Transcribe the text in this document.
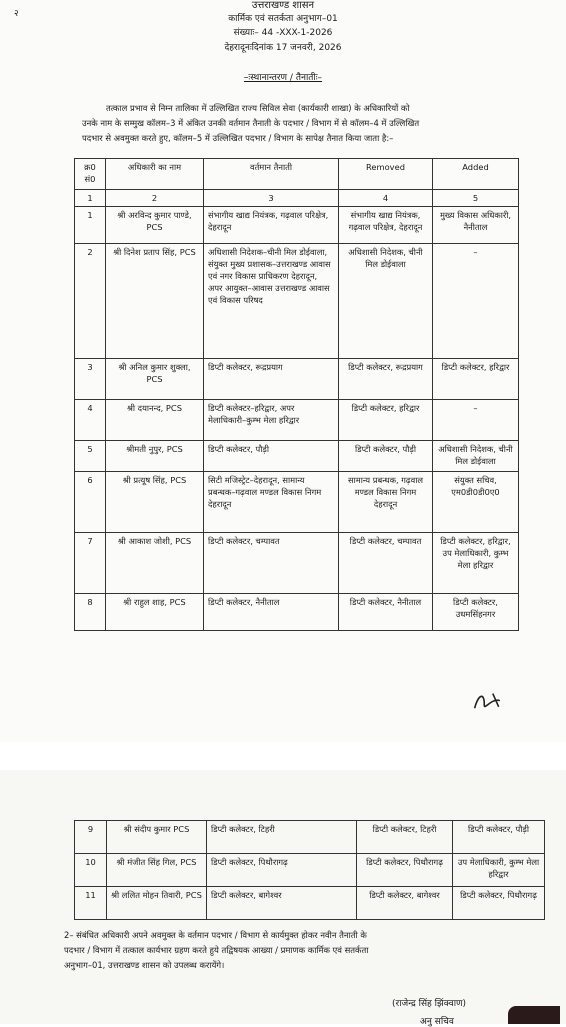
२
उत्तराखण्ड शासन
कार्मिक एवं सतर्कता अनुभाग–01
संख्याः– 44 -XXX-1-2026
देहरादूनःदिनांक 17 जनवरी, 2026
–ःस्थानान्तरण / तैनातीः–
तत्काल प्रभाव से निम्न तालिका में उल्लिखित राज्य सिविल सेवा (कार्यकारी शाखा) के अधिकारियों को
उनके नाम के सम्मुख कॉलम–3 में अंकित उनकी वर्तमान तैनाती के पदभार / विभाग में से कॉलम–4 में उल्लिखित
पदभार से अवमुक्त करते हुए, कॉलम–5 में उल्लिखित पदभार / विभाग के सापेक्ष तैनात किया जाता है:–
क्र0 सं0	अधिकारी का नाम	वर्तमान तैनाती	Removed	Added
1	2	3	4	5
1	श्री अरविन्द कुमार पाण्डे, PCS	संभागीय खाद्य नियंत्रक, गढ़वाल परिक्षेत्र, देहरादून	संभागीय खाद्य नियंत्रक, गढ़वाल परिक्षेत्र, देहरादून	मुख्य विकास अधिकारी, नैनीताल
2	श्री दिनेश प्रताप सिंह, PCS	अधिशासी निदेशक–चीनी मिल डोईवाला, संयुक्त मुख्य प्रशासक–उत्तराखण्ड आवास एवं नगर विकास प्राधिकरण देहरादून, अपर आयुक्त–आवास उत्तराखण्ड आवास एवं विकास परिषद	अधिशासी निदेशक, चीनी मिल डोईवाला	–
3	श्री अनिल कुमार शुक्ला, PCS	डिप्टी कलेक्टर, रूद्रप्रयाग	डिप्टी कलेक्टर, रूद्रप्रयाग	डिप्टी कलेक्टर, हरिद्वार
4	श्री दयानन्द, PCS	डिप्टी कलेक्टर–हरिद्वार, अपर मेलाधिकारी–कुम्भ मेला हरिद्वार	डिप्टी कलेक्टर, हरिद्वार	–
5	श्रीमती नुपुर, PCS	डिप्टी कलेक्टर, पौड़ी	डिप्टी कलेक्टर, पौड़ी	अधिशासी निदेशक, चीनी मिल डोईवाला
6	श्री प्रत्यूष सिंह, PCS	सिटी मजिस्ट्रेट–देहरादून, सामान्य प्रबन्धक–गढ़वाल मण्डल विकास निगम देहरादून	सामान्य प्रबन्धक, गढ़वाल मण्डल विकास निगम देहरादून	संयुक्त सचिव, एम0डी0डी0ए0
7	श्री आकाश जोशी, PCS	डिप्टी कलेक्टर, चम्पावत	डिप्टी कलेक्टर, चम्पावत	डिप्टी कलेक्टर, हरिद्वार, उप मेलाधिकारी, कुम्भ मेला हरिद्वार
8	श्री राहुल शाह, PCS	डिप्टी कलेक्टर, नैनीताल	डिप्टी कलेक्टर, नैनीताल	डिप्टी कलेक्टर, उधमसिंहनगर
9	श्री संदीप कुमार PCS	डिप्टी कलेक्टर, टिहरी	डिप्टी कलेक्टर, टिहरी	डिप्टी कलेक्टर, पौड़ी
10	श्री मंजीत सिंह गिल, PCS	डिप्टी कलेक्टर, पिथौरागढ़	डिप्टी कलेक्टर, पिथौरागढ़	उप मेलाधिकारी, कुम्भ मेला हरिद्वार
11	श्री ललित मोहन तिवारी, PCS	डिप्टी कलेक्टर, बागेश्वर	डिप्टी कलेक्टर, बागेश्वर	डिप्टी कलेक्टर, पिथौरागढ़
2– संबंधित अधिकारी अपने अवमुक्त के वर्तमान पदभार / विभाग से कार्यमुक्त होकर नवीन तैनाती के
पदभार / विभाग में तत्काल कार्यभार ग्रहण करते हुये तद्विषयक आख्या / प्रमाणक कार्मिक एवं सतर्कता
अनुभाग–01, उत्तराखण्ड शासन को उपलब्ध करायेंगे।
(राजेन्द्र सिंह झिंक्वाण)
अनु सचिव
